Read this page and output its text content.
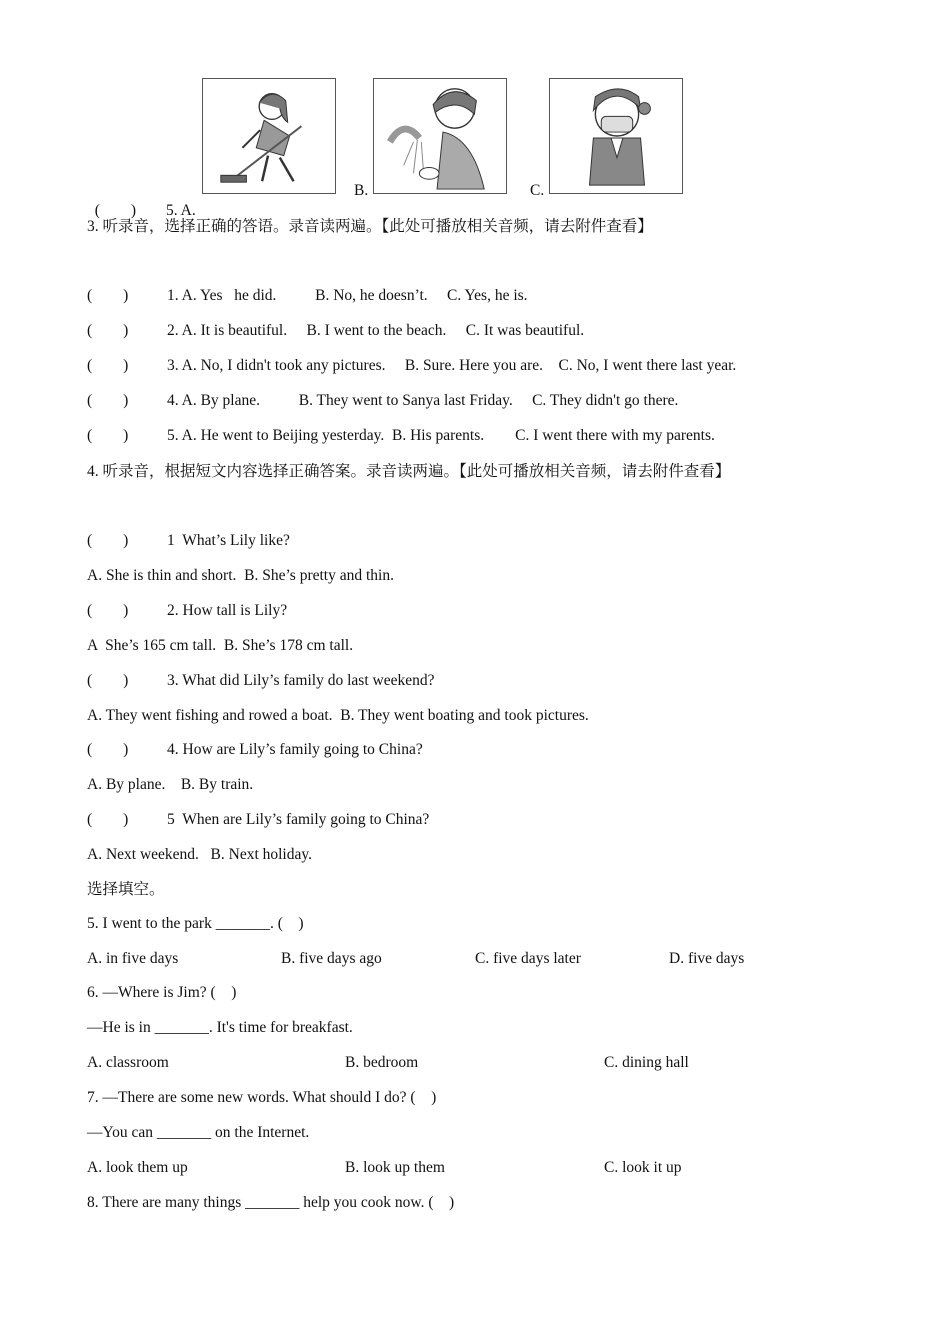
(　　) 5. A.

B.	C.
3. 听录音，选择正确的答语。录音读两遍。【此处可播放相关音频，请去附件查看】
(　　) 1. A. Yes   he did.          B. No, he doesn’t.     C. Yes, he is.
(　　) 2. A. It is beautiful.     B. I went to the beach.     C. It was beautiful.
(　　) 3. A. No, I didn't took any pictures.     B. Sure. Here you are.    C. No, I went there last year.
(　　) 4. A. By plane.          B. They went to Sanya last Friday.     C. They didn't go there.
(　　) 5. A. He went to Beijing yesterday.  B. His parents.        C. I went there with my parents.
4. 听录音，根据短文内容选择正确答案。录音读两遍。【此处可播放相关音频，请去附件查看】
(　　) 1  What’s Lily like?
A. She is thin and short.  B. She’s pretty and thin.
(　　) 2. How tall is Lily?
A  She’s 165 cm tall.  B. She’s 178 cm tall.
(　　) 3. What did Lily’s family do last weekend?
A. They went fishing and rowed a boat.  B. They went boating and took pictures.
(　　) 4. How are Lily’s family going to China?
A. By plane.    B. By train.
(　　) 5  When are Lily’s family going to China?
A. Next weekend.   B. Next holiday.
选择填空。
5. I went to the park _______. (    )
A. in five days	B. five days ago	C. five days later	D. five days
6. —Where is Jim? (    )
—He is in _______. It's time for breakfast.
A. classroom	B. bedroom	C. dining hall
7. —There are some new words. What should I do? (    )
—You can _______ on the Internet.
A. look them up	B. look up them	C. look it up
8. There are many things _______ help you cook now. (    )
